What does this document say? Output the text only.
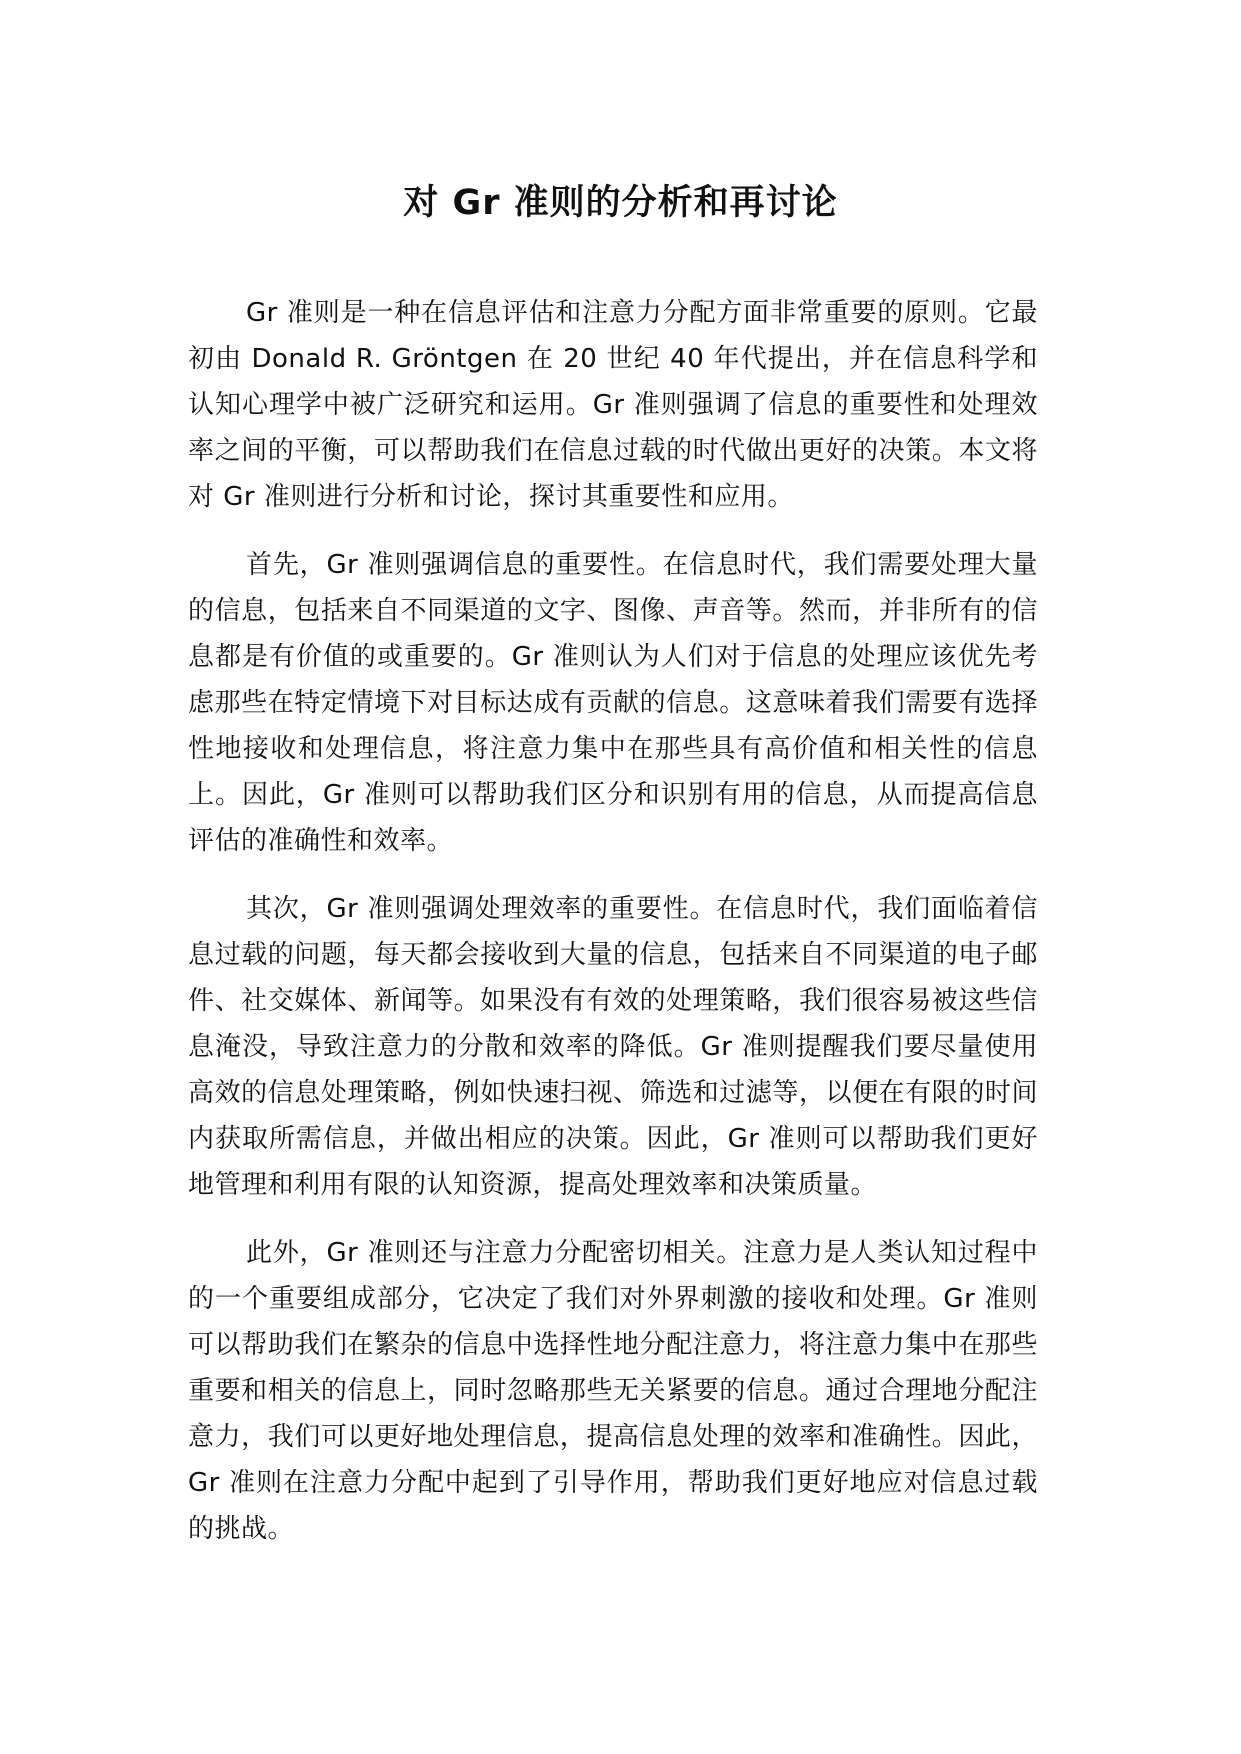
对 Gr 准则的分析和再讨论

Gr 准则是一种在信息评估和注意力分配方面非常重要的原则。它最初由 Donald R. Gröntgen 在 20 世纪 40 年代提出，并在信息科学和认知心理学中被广泛研究和运用。Gr 准则强调了信息的重要性和处理效率之间的平衡，可以帮助我们在信息过载的时代做出更好的决策。本文将对 Gr 准则进行分析和讨论，探讨其重要性和应用。

首先，Gr 准则强调信息的重要性。在信息时代，我们需要处理大量的信息，包括来自不同渠道的文字、图像、声音等。然而，并非所有的信息都是有价值的或重要的。Gr 准则认为人们对于信息的处理应该优先考虑那些在特定情境下对目标达成有贡献的信息。这意味着我们需要有选择性地接收和处理信息，将注意力集中在那些具有高价值和相关性的信息上。因此，Gr 准则可以帮助我们区分和识别有用的信息，从而提高信息评估的准确性和效率。

其次，Gr 准则强调处理效率的重要性。在信息时代，我们面临着信息过载的问题，每天都会接收到大量的信息，包括来自不同渠道的电子邮件、社交媒体、新闻等。如果没有有效的处理策略，我们很容易被这些信息淹没，导致注意力的分散和效率的降低。Gr 准则提醒我们要尽量使用高效的信息处理策略，例如快速扫视、筛选和过滤等，以便在有限的时间内获取所需信息，并做出相应的决策。因此，Gr 准则可以帮助我们更好地管理和利用有限的认知资源，提高处理效率和决策质量。

此外，Gr 准则还与注意力分配密切相关。注意力是人类认知过程中的一个重要组成部分，它决定了我们对外界刺激的接收和处理。Gr 准则可以帮助我们在繁杂的信息中选择性地分配注意力，将注意力集中在那些重要和相关的信息上，同时忽略那些无关紧要的信息。通过合理地分配注意力，我们可以更好地处理信息，提高信息处理的效率和准确性。因此，Gr 准则在注意力分配中起到了引导作用，帮助我们更好地应对信息过载的挑战。
